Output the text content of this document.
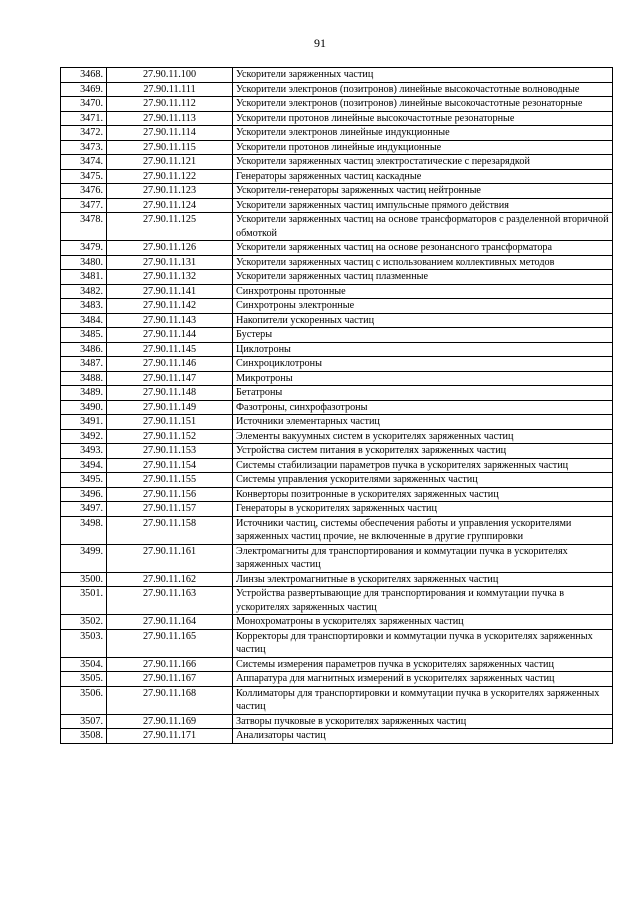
91
3468.	27.90.11.100	Ускорители заряженных частиц
3469.	27.90.11.111	Ускорители электронов (позитронов) линейные высокочастотные волноводные
3470.	27.90.11.112	Ускорители электронов (позитронов) линейные высокочастотные резонаторные
3471.	27.90.11.113	Ускорители протонов линейные высокочастотные резонаторные
3472.	27.90.11.114	Ускорители электронов линейные индукционные
3473.	27.90.11.115	Ускорители протонов линейные индукционные
3474.	27.90.11.121	Ускорители заряженных частиц электростатические с перезарядкой
3475.	27.90.11.122	Генераторы заряженных частиц каскадные
3476.	27.90.11.123	Ускорители-генераторы заряженных частиц нейтронные
3477.	27.90.11.124	Ускорители заряженных частиц импульсные прямого действия
3478.	27.90.11.125	Ускорители заряженных частиц на основе трансформаторов с разделенной вторичной обмоткой
3479.	27.90.11.126	Ускорители заряженных частиц на основе резонансного трансформатора
3480.	27.90.11.131	Ускорители заряженных частиц с использованием коллективных методов
3481.	27.90.11.132	Ускорители заряженных частиц плазменные
3482.	27.90.11.141	Синхротроны протонные
3483.	27.90.11.142	Синхротроны электронные
3484.	27.90.11.143	Накопители ускоренных частиц
3485.	27.90.11.144	Бустеры
3486.	27.90.11.145	Циклотроны
3487.	27.90.11.146	Синхроциклотроны
3488.	27.90.11.147	Микротроны
3489.	27.90.11.148	Бетатроны
3490.	27.90.11.149	Фазотроны, синхрофазотроны
3491.	27.90.11.151	Источники элементарных частиц
3492.	27.90.11.152	Элементы вакуумных систем в ускорителях заряженных частиц
3493.	27.90.11.153	Устройства систем питания в ускорителях заряженных частиц
3494.	27.90.11.154	Системы стабилизации параметров пучка в ускорителях заряженных частиц
3495.	27.90.11.155	Системы управления ускорителями заряженных частиц
3496.	27.90.11.156	Конверторы позитронные в ускорителях заряженных частиц
3497.	27.90.11.157	Генераторы в ускорителях заряженных частиц
3498.	27.90.11.158	Источники частиц, системы обеспечения работы и управления ускорителями заряженных частиц прочие, не включенные в другие группировки
3499.	27.90.11.161	Электромагниты для транспортирования и коммутации пучка в ускорителях заряженных частиц
3500.	27.90.11.162	Линзы электромагнитные в ускорителях заряженных частиц
3501.	27.90.11.163	Устройства развертывающие для транспортирования и коммутации пучка в ускорителях заряженных частиц
3502.	27.90.11.164	Монохроматроны в ускорителях заряженных частиц
3503.	27.90.11.165	Корректоры для транспортировки и коммутации пучка в ускорителях заряженных частиц
3504.	27.90.11.166	Системы измерения параметров пучка в ускорителях заряженных частиц
3505.	27.90.11.167	Аппаратура для магнитных измерений в ускорителях заряженных частиц
3506.	27.90.11.168	Коллиматоры для транспортировки и коммутации пучка в ускорителях заряженных частиц
3507.	27.90.11.169	Затворы пучковые в ускорителях заряженных частиц
3508.	27.90.11.171	Анализаторы частиц
